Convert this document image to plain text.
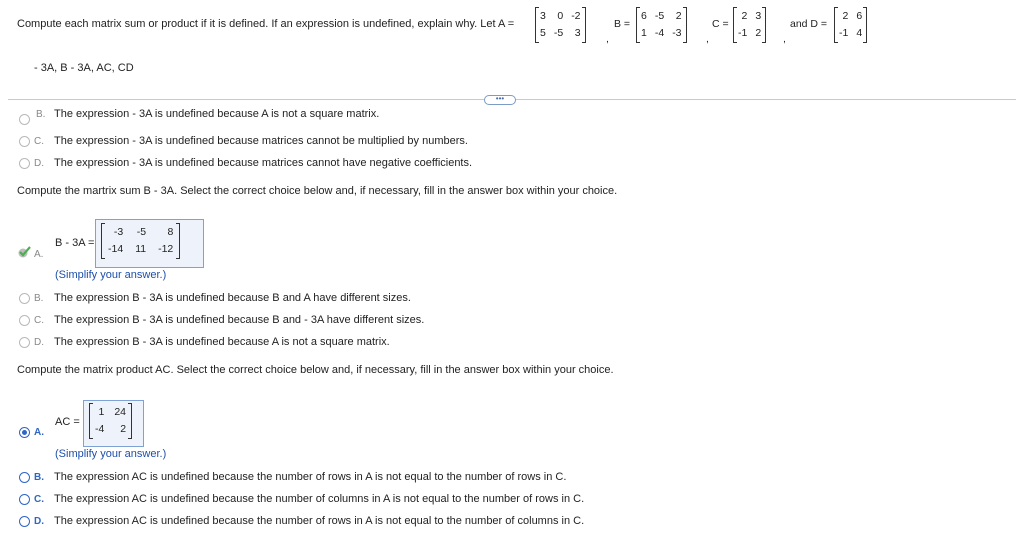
Compute each matrix sum or product if it is defined. If an expression is undefined, explain why. Let A =
3	0	-2
5	-5	3 ,
B =
6	-5	2
1	-4	-3 ,
C =
2	3
-1	2 ,
and D =
2	6
-1	4
- 3A, B - 3A, AC, CD
•••
B. The expression - 3A is undefined because A is not a square matrix.
C. The expression - 3A is undefined because matrices cannot be multiplied by numbers.
D. The expression - 3A is undefined because matrices cannot have negative coefficients.
Compute the martrix sum B - 3A. Select the correct choice below and, if necessary, fill in the answer box within your choice.
A.
B - 3A =
-3	-5	8
-14	11	-12
(Simplify your answer.)
B. The expression B - 3A is undefined because B and A have different sizes.
C. The expression B - 3A is undefined because B and - 3A have different sizes.
D. The expression B - 3A is undefined because A is not a square matrix.
Compute the matrix product AC. Select the correct choice below and, if necessary, fill in the answer box within your choice.
A.
AC =
1	24
-4	2
(Simplify your answer.)
B. The expression AC is undefined because the number of rows in A is not equal to the number of rows in C.
C. The expression AC is undefined because the number of columns in A is not equal to the number of rows in C.
D. The expression AC is undefined because the number of rows in A is not equal to the number of columns in C.
